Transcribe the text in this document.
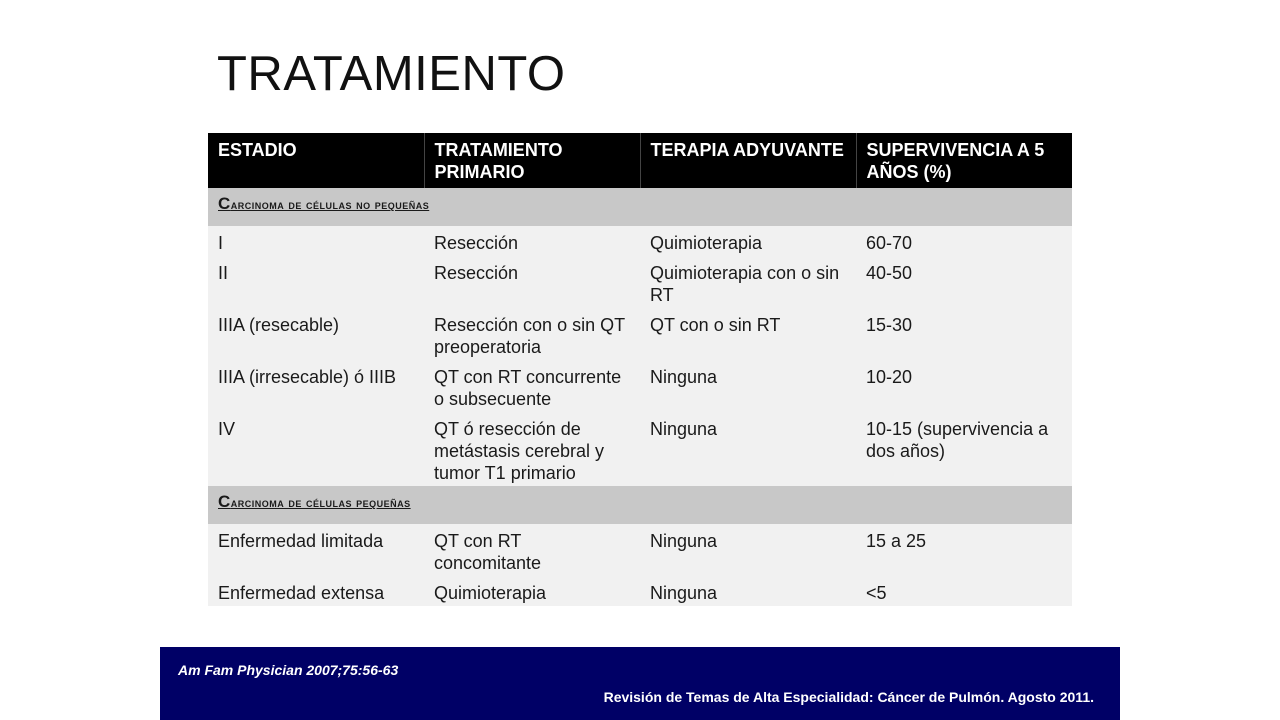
TRATAMIENTO
ESTADIO	TRATAMIENTO PRIMARIO	TERAPIA ADYUVANTE	SUPERVIVENCIA A 5 AÑOS (%)
Carcinoma de células no pequeñas			
I	Resección	Quimioterapia	60-70
II	Resección	Quimioterapia con o sin RT	40-50
IIIA (resecable)	Resección con o sin QT preoperatoria	QT con o sin RT	15-30
IIIA (irresecable) ó IIIB	QT con RT concurrente o subsecuente	Ninguna	10-20
IV	QT ó resección de metástasis cerebral y tumor T1 primario	Ninguna	10-15 (supervivencia a dos años)
Carcinoma de células pequeñas			
Enfermedad limitada	QT con RT concomitante	Ninguna	15 a 25
Enfermedad extensa	Quimioterapia	Ninguna	<5
Am Fam Physician 2007;75:56-63
Revisión de Temas de Alta Especialidad: Cáncer de Pulmón. Agosto 2011.
